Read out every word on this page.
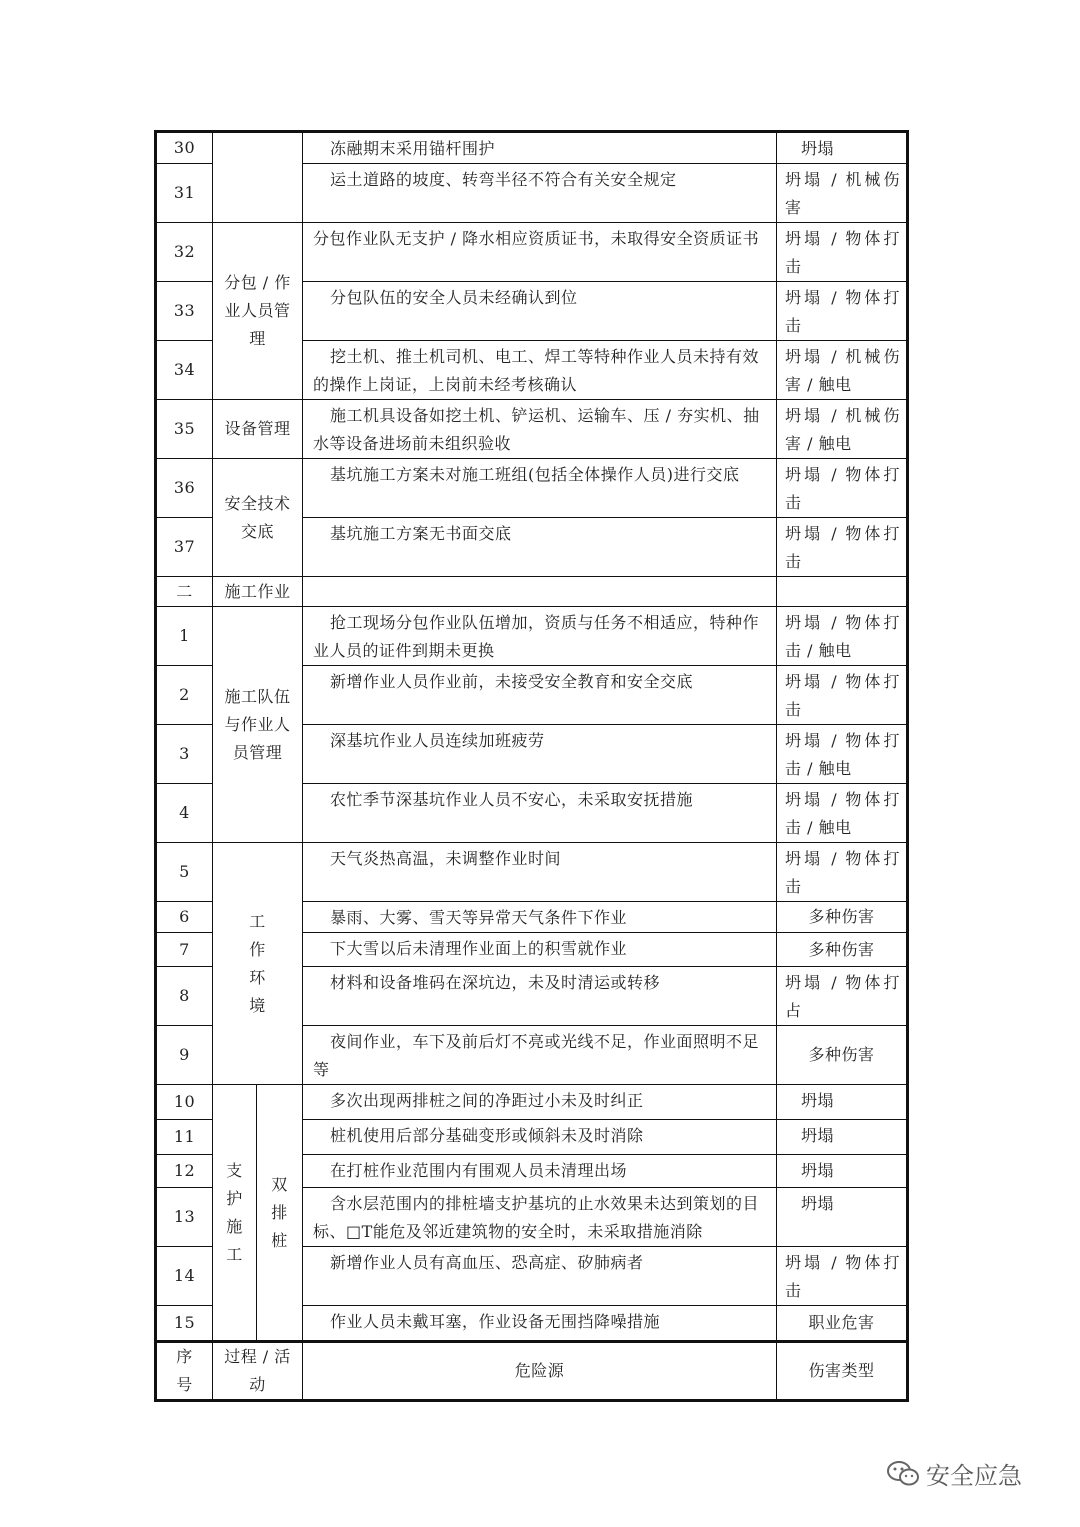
30			冻融期末采用锚杆围护	坍塌
31			运土道路的坡度、转弯半径不符合有关安全规定	坍塌 / 机械伤害
32	分包 / 作业人员管理		分包作业队无支护 / 降水相应资质证书，未取得安全资质证书	坍塌 / 物体打击
33			分包队伍的安全人员未经确认到位	坍塌 / 物体打击
34			挖土机、推土机司机、电工、焊工等特种作业人员未持有效的操作上岗证，上岗前未经考核确认	坍塌 / 机械伤害 / 触电
35	设备管理		施工机具设备如挖土机、铲运机、运输车、压 / 夯实机、抽水等设备进场前未组织验收	坍塌 / 机械伤害 / 触电
36	安全技术交底		基坑施工方案未对施工班组(包括全体操作人员)进行交底	坍塌 / 物体打击
37			基坑施工方案无书面交底	坍塌 / 物体打击
二	施工作业			
1	施工队伍与作业人员管理		抢工现场分包作业队伍增加，资质与任务不相适应，特种作业人员的证件到期未更换	坍塌 / 物体打击 / 触电
2			新增作业人员作业前，未接受安全教育和安全交底	坍塌 / 物体打击
3			深基坑作业人员连续加班疲劳	坍塌 / 物体打击 / 触电
4			农忙季节深基坑作业人员不安心，未采取安抚措施	坍塌 / 物体打击 / 触电
5	工作环境		天气炎热高温，未调整作业时间	坍塌 / 物体打击
6			暴雨、大雾、雪天等异常天气条件下作业	多种伤害
7			下大雪以后未清理作业面上的积雪就作业	多种伤害
8			材料和设备堆码在深坑边，未及时清运或转移	坍塌 / 物体打占
9			夜间作业，车下及前后灯不亮或光线不足，作业面照明不足等	多种伤害
10	支护施工	双排桩	多次出现两排桩之间的净距过小未及时纠正	坍塌
11			桩机使用后部分基础变形或倾斜未及时消除	坍塌
12			在打桩作业范围内有围观人员未清理出场	坍塌
13			含水层范围内的排桩墙支护基坑的止水效果未达到策划的目标、□T能危及邻近建筑物的安全时，未采取措施消除	坍塌
14			新增作业人员有高血压、恐高症、矽肺病者	坍塌 / 物体打击
15			作业人员未戴耳塞，作业设备无围挡降噪措施	职业危害
序号	过程 / 活动		危险源	伤害类型
安全应急
